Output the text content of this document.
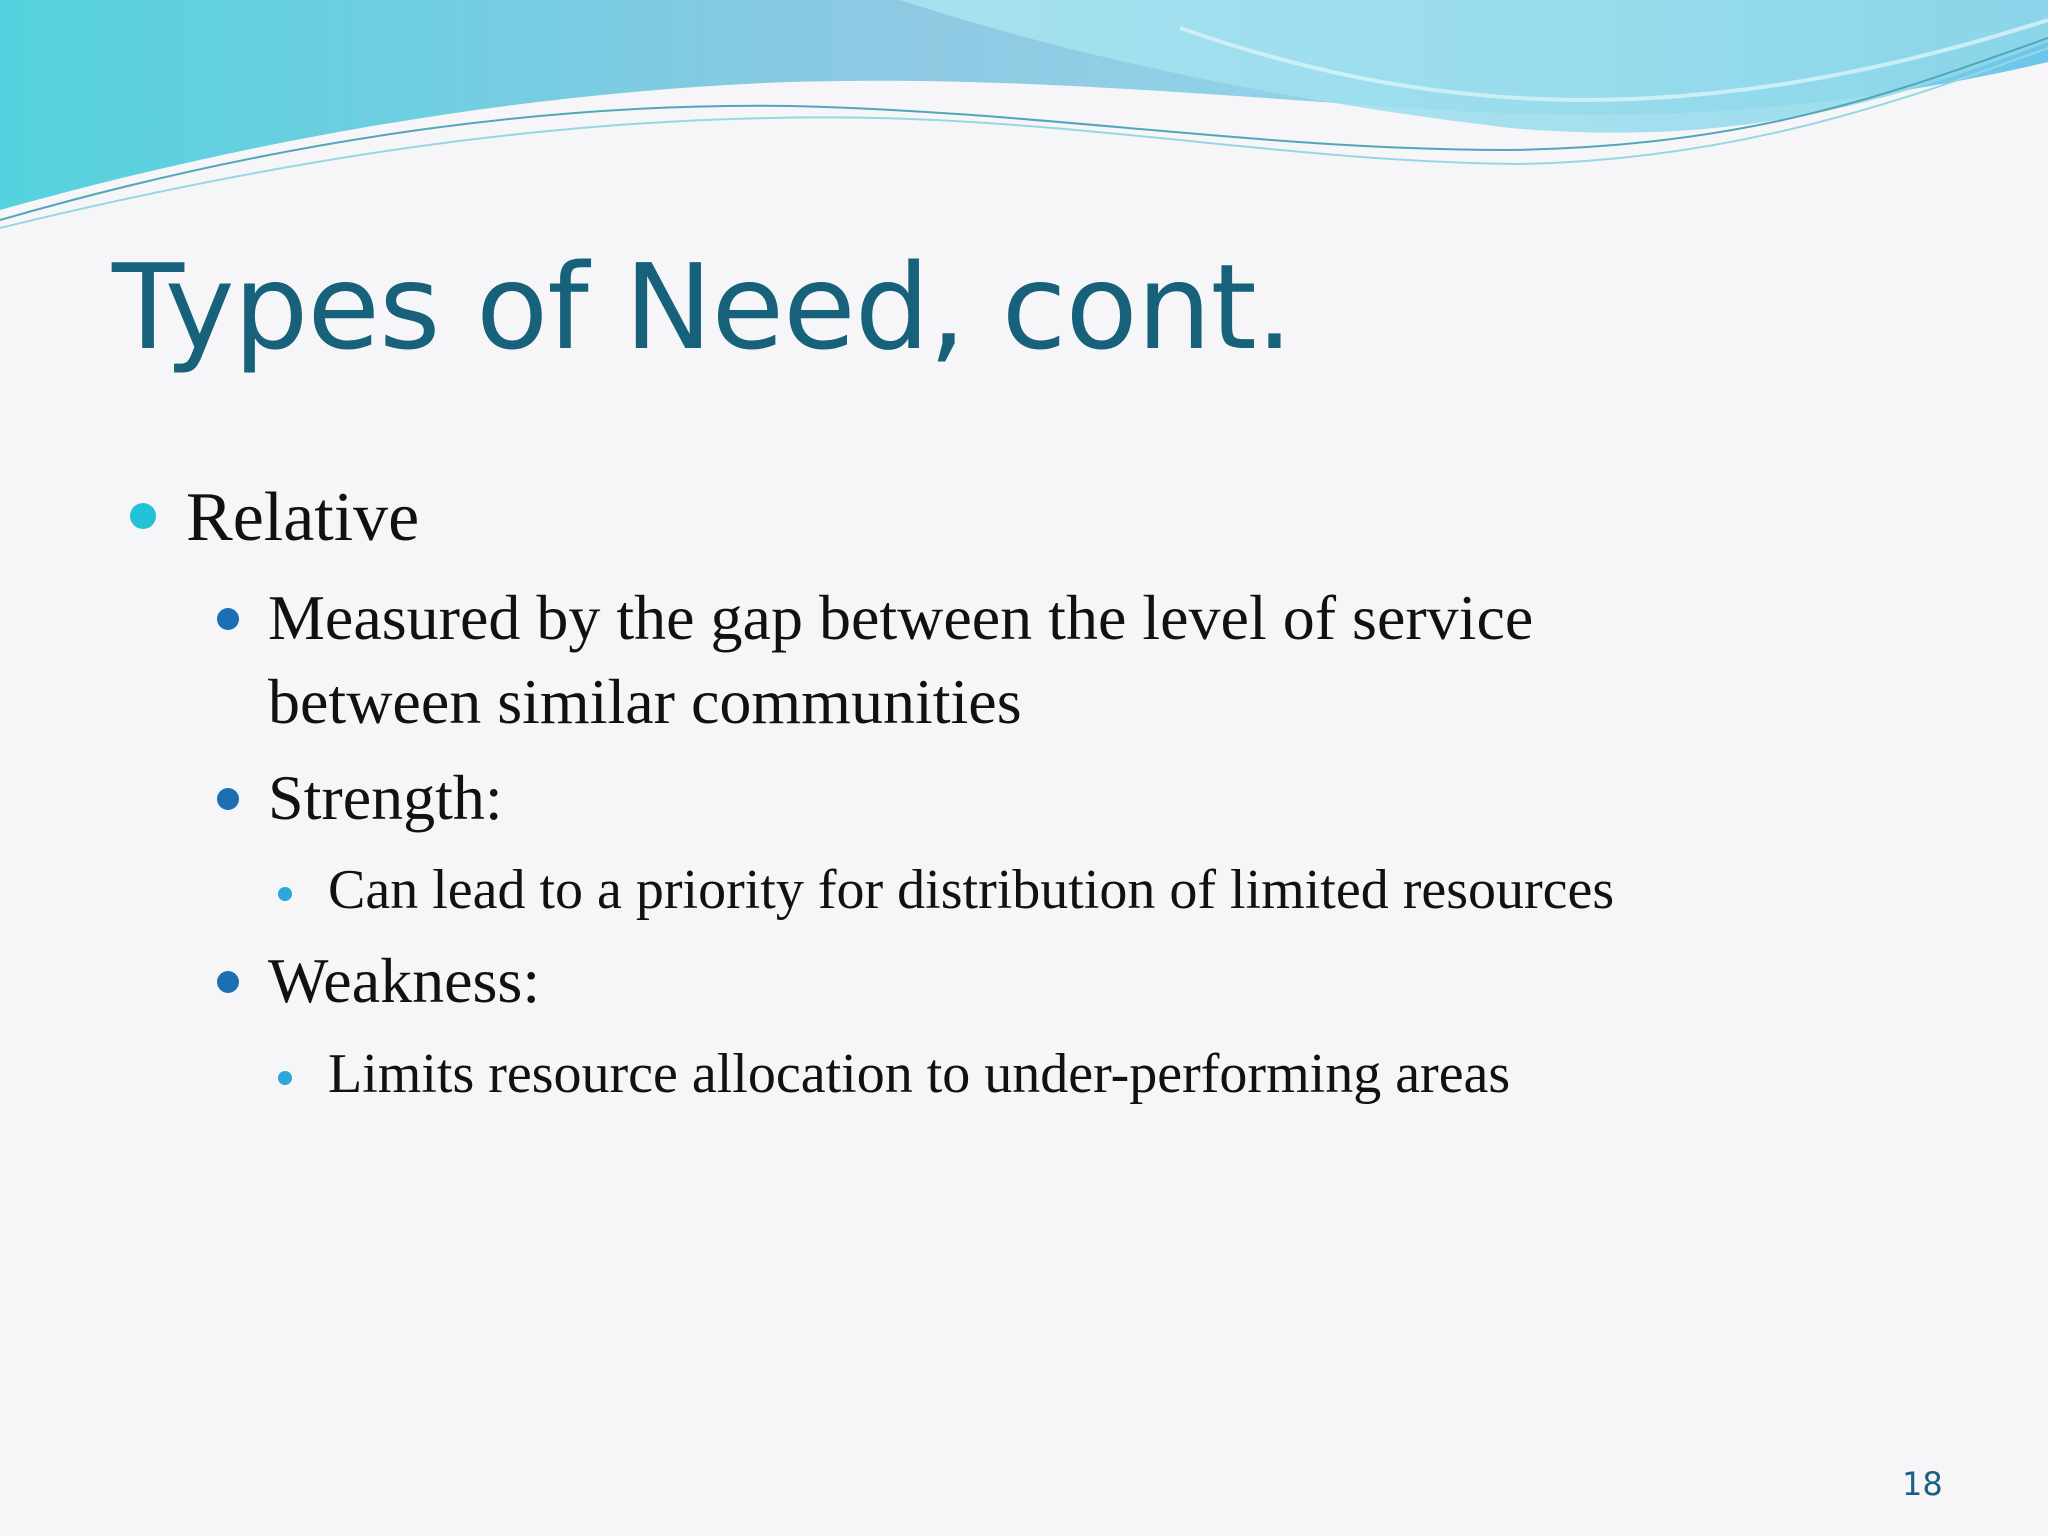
Types of Need, cont.
Relative
Measured by the gap between the level of service
between similar communities
Strength:
Can lead to a priority for distribution of limited resources
Weakness:
Limits resource allocation to under-performing areas
18
